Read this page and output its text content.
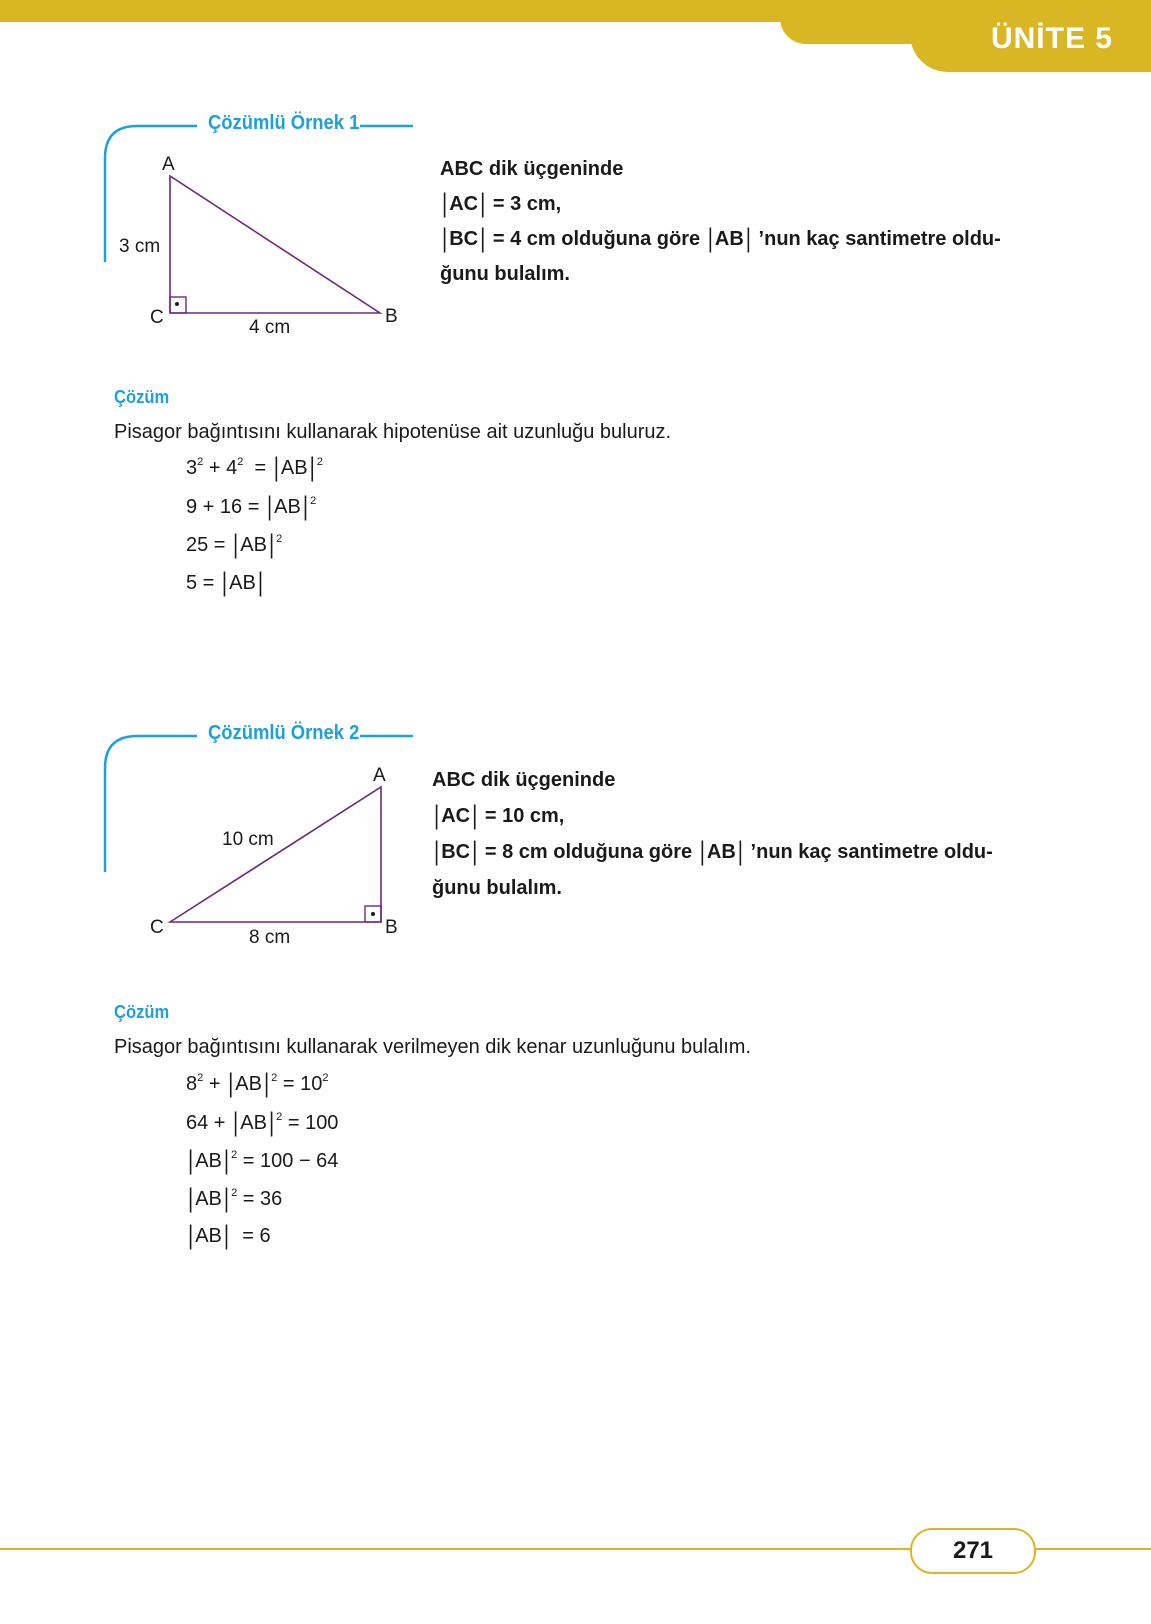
ÜNİTE 5
Çözümlü Örnek 1
A
C	B
3 cm
4 cm
ABC dik üçgeninde
| AC | = 3 cm,
| BC | = 4 cm olduğuna göre | AB | ’nun kaç santimetre oldu-
ğunu bulalım.
Çözüm
Pisagor bağıntısını kullanarak hipotenüse ait uzunluğu buluruz.
$3^2 + 4^2$ = | AB | $^2$
9 + 16 = | AB | $^2$
25 = | AB | $^2$
5 = | AB |
Çözümlü Örnek 2
A
C	B
10 cm
8 cm
ABC dik üçgeninde
| AC | = 10 cm,
| BC | = 8 cm olduğuna göre | AB | ’nun kaç santimetre oldu-
ğunu bulalım.
Çözüm
Pisagor bağıntısını kullanarak verilmeyen dik kenar uzunluğunu bulalım.
$8^2$ + | AB | $^2 = 10^2$
64 + | AB | $^2$ = 100
| AB | $^2$ = 100 − 64
| AB | $^2$ = 36
| AB | = 6
271
